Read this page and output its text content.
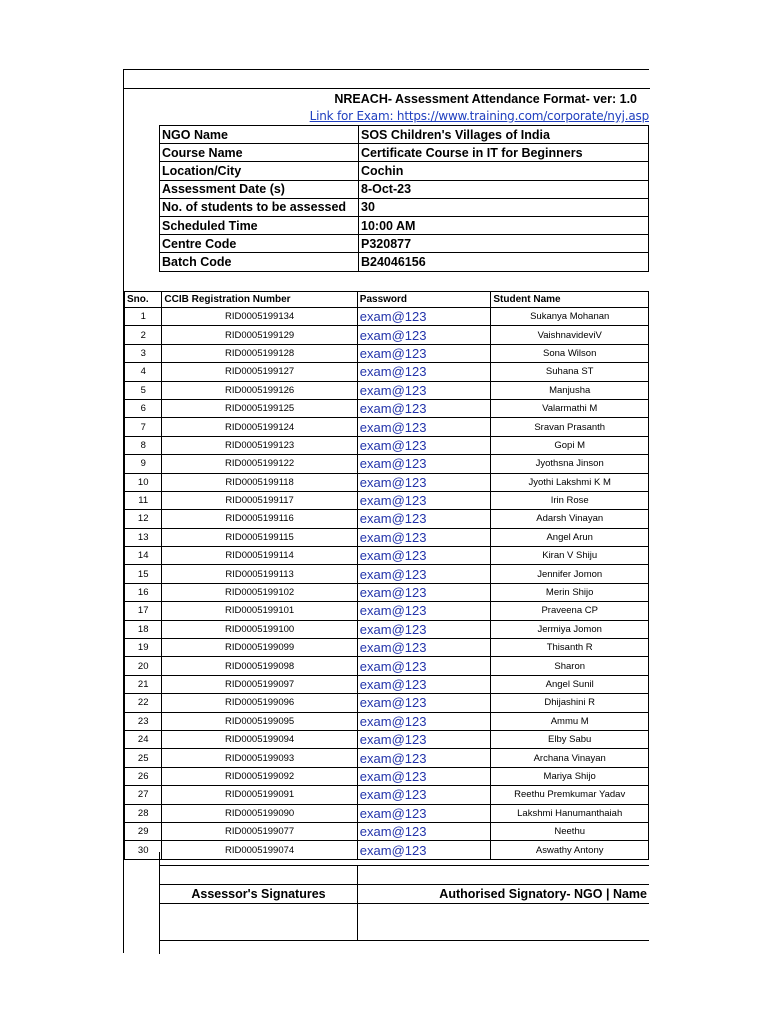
NREACH- Assessment Attendance Format- ver: 1.0
Link for Exam: https://www.training.com/corporate/nyj.asp
NGO Name	SOS Children's Villages of India
Course Name	Certificate Course in IT for Beginners
Location/City	Cochin
Assessment Date (s)	8-Oct-23
No. of students to be assessed	30
Scheduled Time	10:00 AM
Centre Code	P320877
Batch Code	B24046156
Sno.	CCIB Registration Number	Password	Student Name
1	RID0005199134	exam@123	Sukanya Mohanan
2	RID0005199129	exam@123	VaishnavideviV
3	RID0005199128	exam@123	Sona Wilson
4	RID0005199127	exam@123	Suhana ST
5	RID0005199126	exam@123	Manjusha
6	RID0005199125	exam@123	Valarmathi M
7	RID0005199124	exam@123	Sravan Prasanth
8	RID0005199123	exam@123	Gopi M
9	RID0005199122	exam@123	Jyothsna Jinson
10	RID0005199118	exam@123	Jyothi Lakshmi K M
11	RID0005199117	exam@123	Irin Rose
12	RID0005199116	exam@123	Adarsh Vinayan
13	RID0005199115	exam@123	Angel Arun
14	RID0005199114	exam@123	Kiran V Shiju
15	RID0005199113	exam@123	Jennifer Jomon
16	RID0005199102	exam@123	Merin Shijo
17	RID0005199101	exam@123	Praveena CP
18	RID0005199100	exam@123	Jermiya Jomon
19	RID0005199099	exam@123	Thisanth R
20	RID0005199098	exam@123	Sharon
21	RID0005199097	exam@123	Angel Sunil
22	RID0005199096	exam@123	Dhijashini R
23	RID0005199095	exam@123	Ammu M
24	RID0005199094	exam@123	Elby Sabu
25	RID0005199093	exam@123	Archana Vinayan
26	RID0005199092	exam@123	Mariya Shijo
27	RID0005199091	exam@123	Reethu Premkumar Yadav
28	RID0005199090	exam@123	Lakshmi Hanumanthaiah
29	RID0005199077	exam@123	Neethu
30	RID0005199074	exam@123	Aswathy Antony

Assessor's Signatures	Authorised Signatory- NGO | Name
